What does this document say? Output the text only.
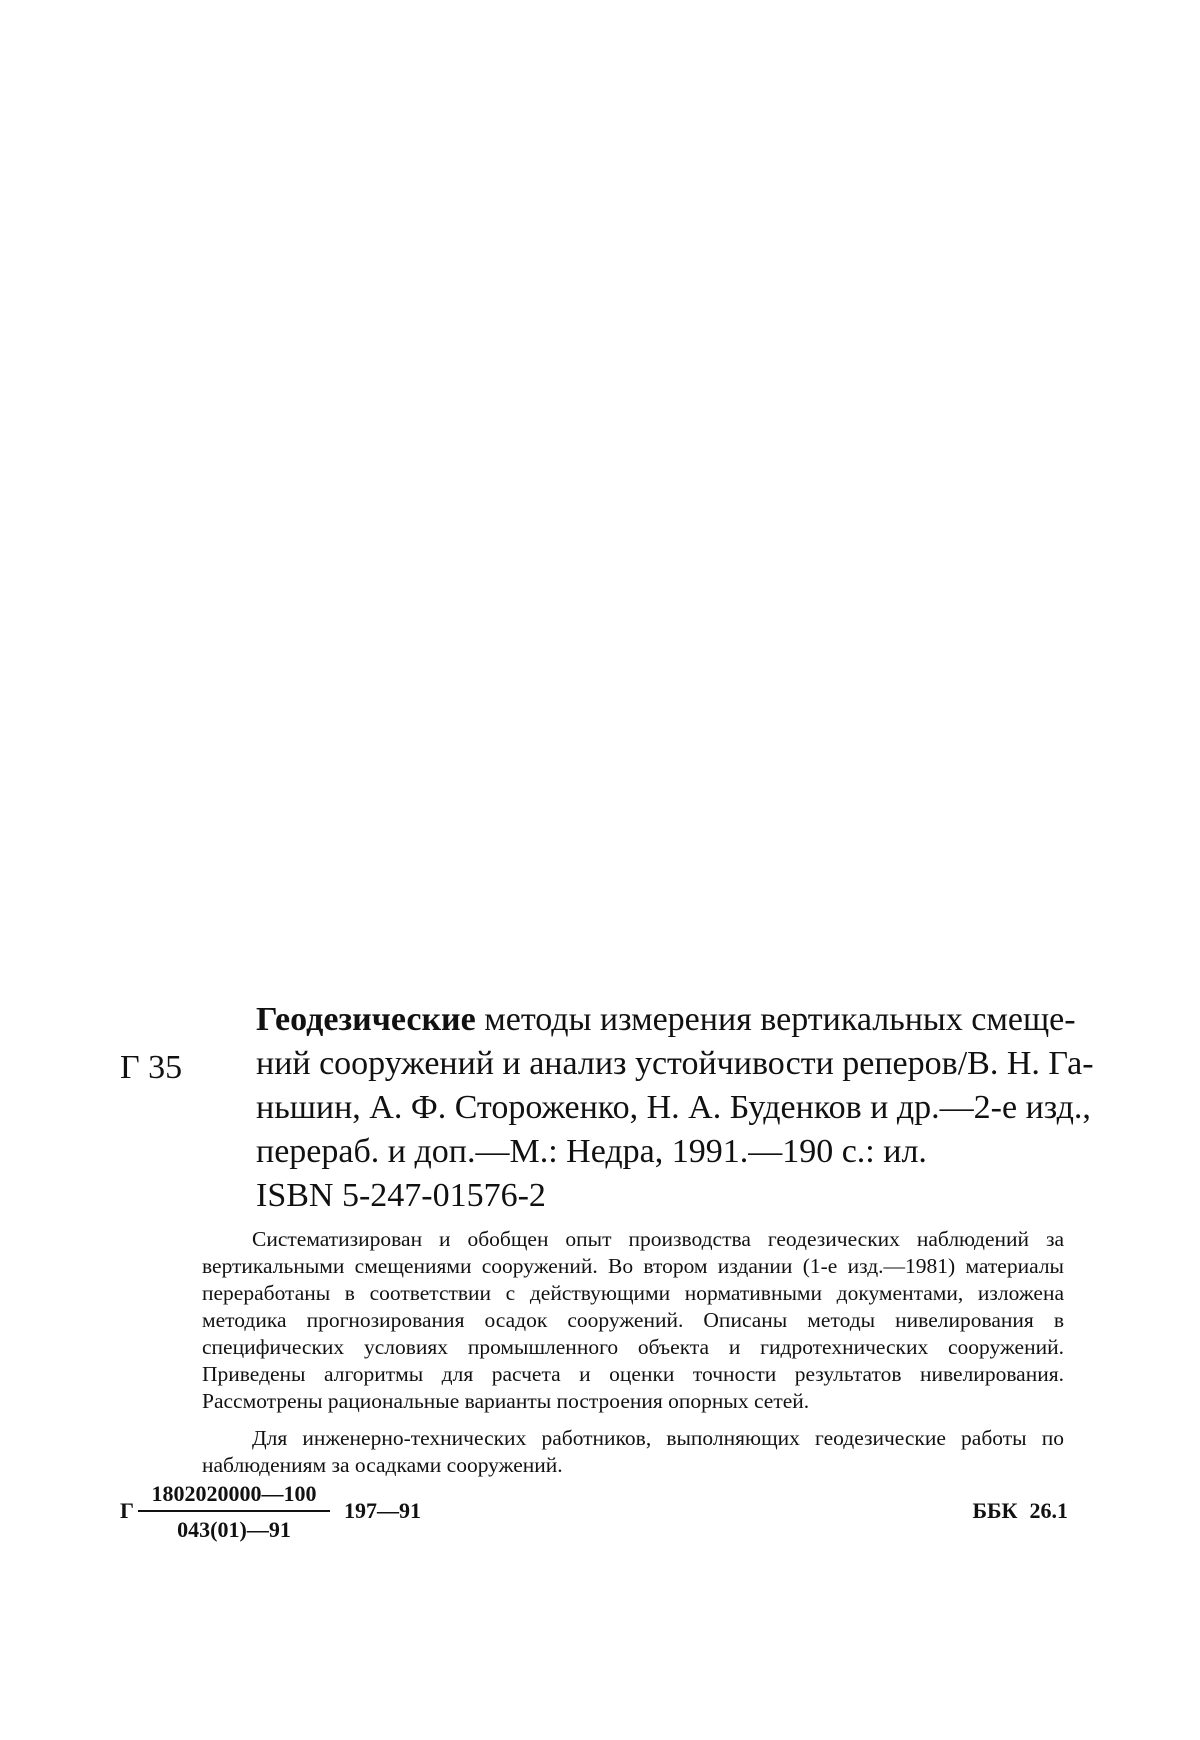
Г 35
Геодезические методы измерения вертикальных смеще-
ний сооружений и анализ устойчивости реперов/В. Н. Га-
ньшин, А. Ф. Стороженко, Н. А. Буденков и др.—2-е изд.,
перераб. и доп.—М.: Недра, 1991.—190 с.: ил.
ISBN 5-247-01576-2

Систематизирован и обобщен опыт производства геодезических наблюдений за вертикальными смещениями сооружений. Во втором издании (1-е изд.—1981) материалы переработаны в соответствии с действующими нормативными документами, изложена методика прогнозирования осадок сооружений. Описаны методы нивелирования в специфических условиях промышленного объекта и гидротехнических сооружений. Приведены алгоритмы для расчета и оценки точности результатов нивелирования. Рассмотрены рациональные варианты построения опорных сетей.

Для инженерно-технических работников, выполняющих геодезические работы по наблюдениям за осадками сооружений.

Г
1802020000—100
043(01)—91
197—91	ББК 26.1
